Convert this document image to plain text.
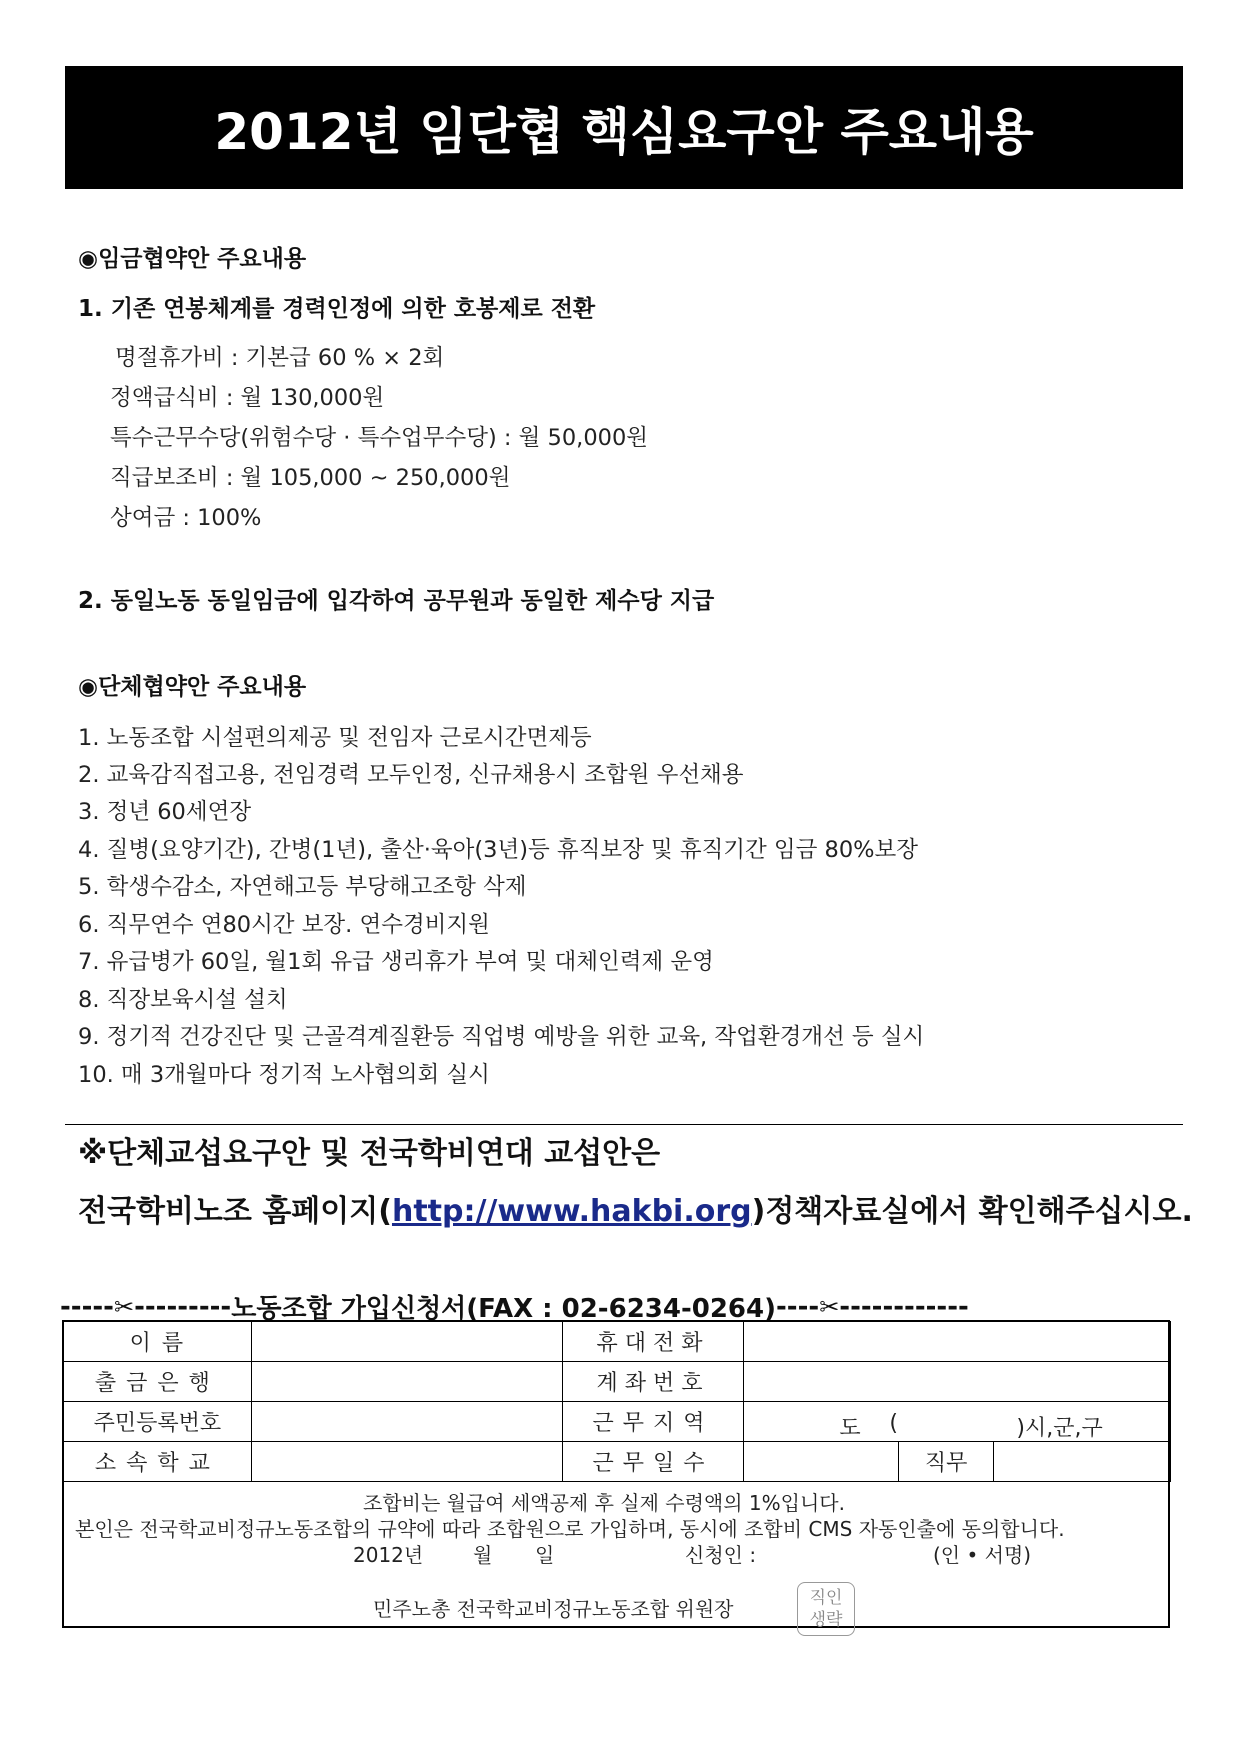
2012년 임단협 핵심요구안 주요내용
◉임금협약안 주요내용
1. 기존 연봉체계를 경력인정에 의한 호봉제로 전환
명절휴가비 : 기본급 60 % × 2회
정액급식비 : 월 130,000원
특수근무수당(위험수당 · 특수업무수당) : 월 50,000원
직급보조비 : 월 105,000 ~ 250,000원
상여금 : 100%
2. 동일노동 동일임금에 입각하여 공무원과 동일한 제수당 지급
◉단체협약안 주요내용
1. 노동조합 시설편의제공 및 전임자 근로시간면제등
2. 교육감직접고용, 전임경력 모두인정, 신규채용시 조합원 우선채용
3. 정년 60세연장
4. 질병(요양기간), 간병(1년), 출산·육아(3년)등 휴직보장 및 휴직기간 임금 80%보장
5. 학생수감소, 자연해고등 부당해고조항 삭제
6. 직무연수 연80시간 보장. 연수경비지원
7. 유급병가 60일, 월1회 유급 생리휴가 부여 및 대체인력제 운영
8. 직장보육시설 설치
9. 정기적 건강진단 및 근골격계질환등 직업병 예방을 위한 교육, 작업환경개선 등 실시
10. 매 3개월마다 정기적 노사협의회 실시
※단체교섭요구안 및 전국학비연대 교섭안은
전국학비노조 홈페이지(http://www.hakbi.org)정책자료실에서 확인해주십시오.
----- ✂ --------- 노동조합 가입신청서(FAX : 02-6234-0264) ---- ✂ ------------
이 름		휴대전화			
출금은행		계좌번호			
주민등록번호		근무지역	도 ( )시,군,구		

소속학교		근무일수		직무	
조합비는 월급여 세액공제 후 실제 수령액의 1%입니다.
본인은 전국학교비정규노동조합의 규약에 따라 조합원으로 가입하며, 동시에 조합비 CMS 자동인출에 동의합니다.
2012년 월 일	신청인 :	(인 • 서명)
민주노총 전국학교비정규노동조합 위원장	직인
생략
